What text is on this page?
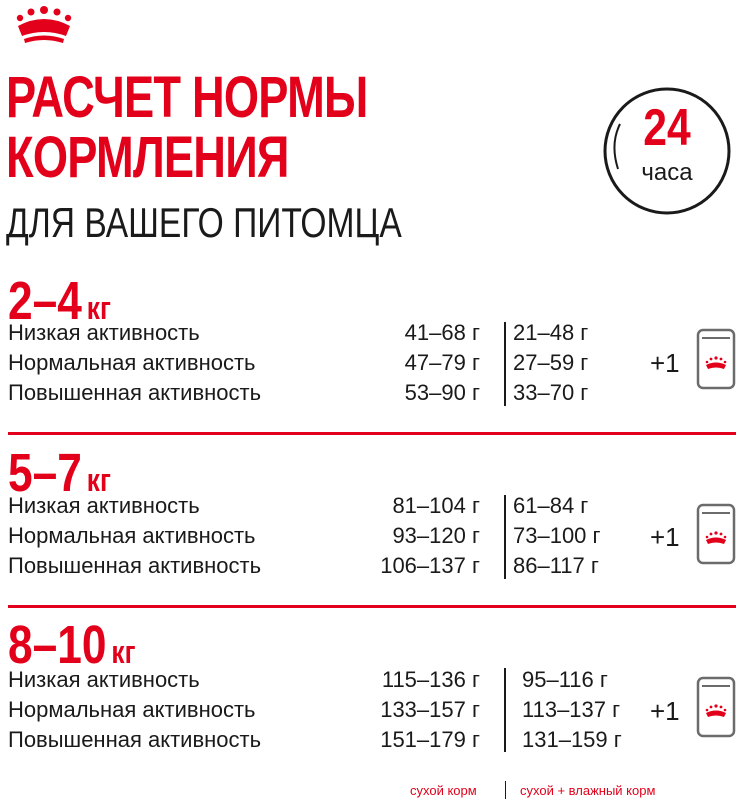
РАСЧЕТ НОРМЫ
КОРМЛЕНИЯ
ДЛЯ ВАШЕГО ПИТОМЦА
24
часа
2–4 кг
Низкая активность	41–68 г 21–48 г
Нормальная активность	47–79 г 27–59 г
Повышенная активность	53–90 г 33–70 г
+1
5–7 кг
Низкая активность	81–104 г 61–84 г
Нормальная активность	93–120 г 73–100 г
Повышенная активность	106–137 г 86–117 г
+1
8–10 кг
Низкая активность	115–136 г 95–116 г
Нормальная активность	133–157 г 113–137 г
Повышенная активность	151–179 г 131–159 г
+1
сухой корм	сухой + влажный корм
